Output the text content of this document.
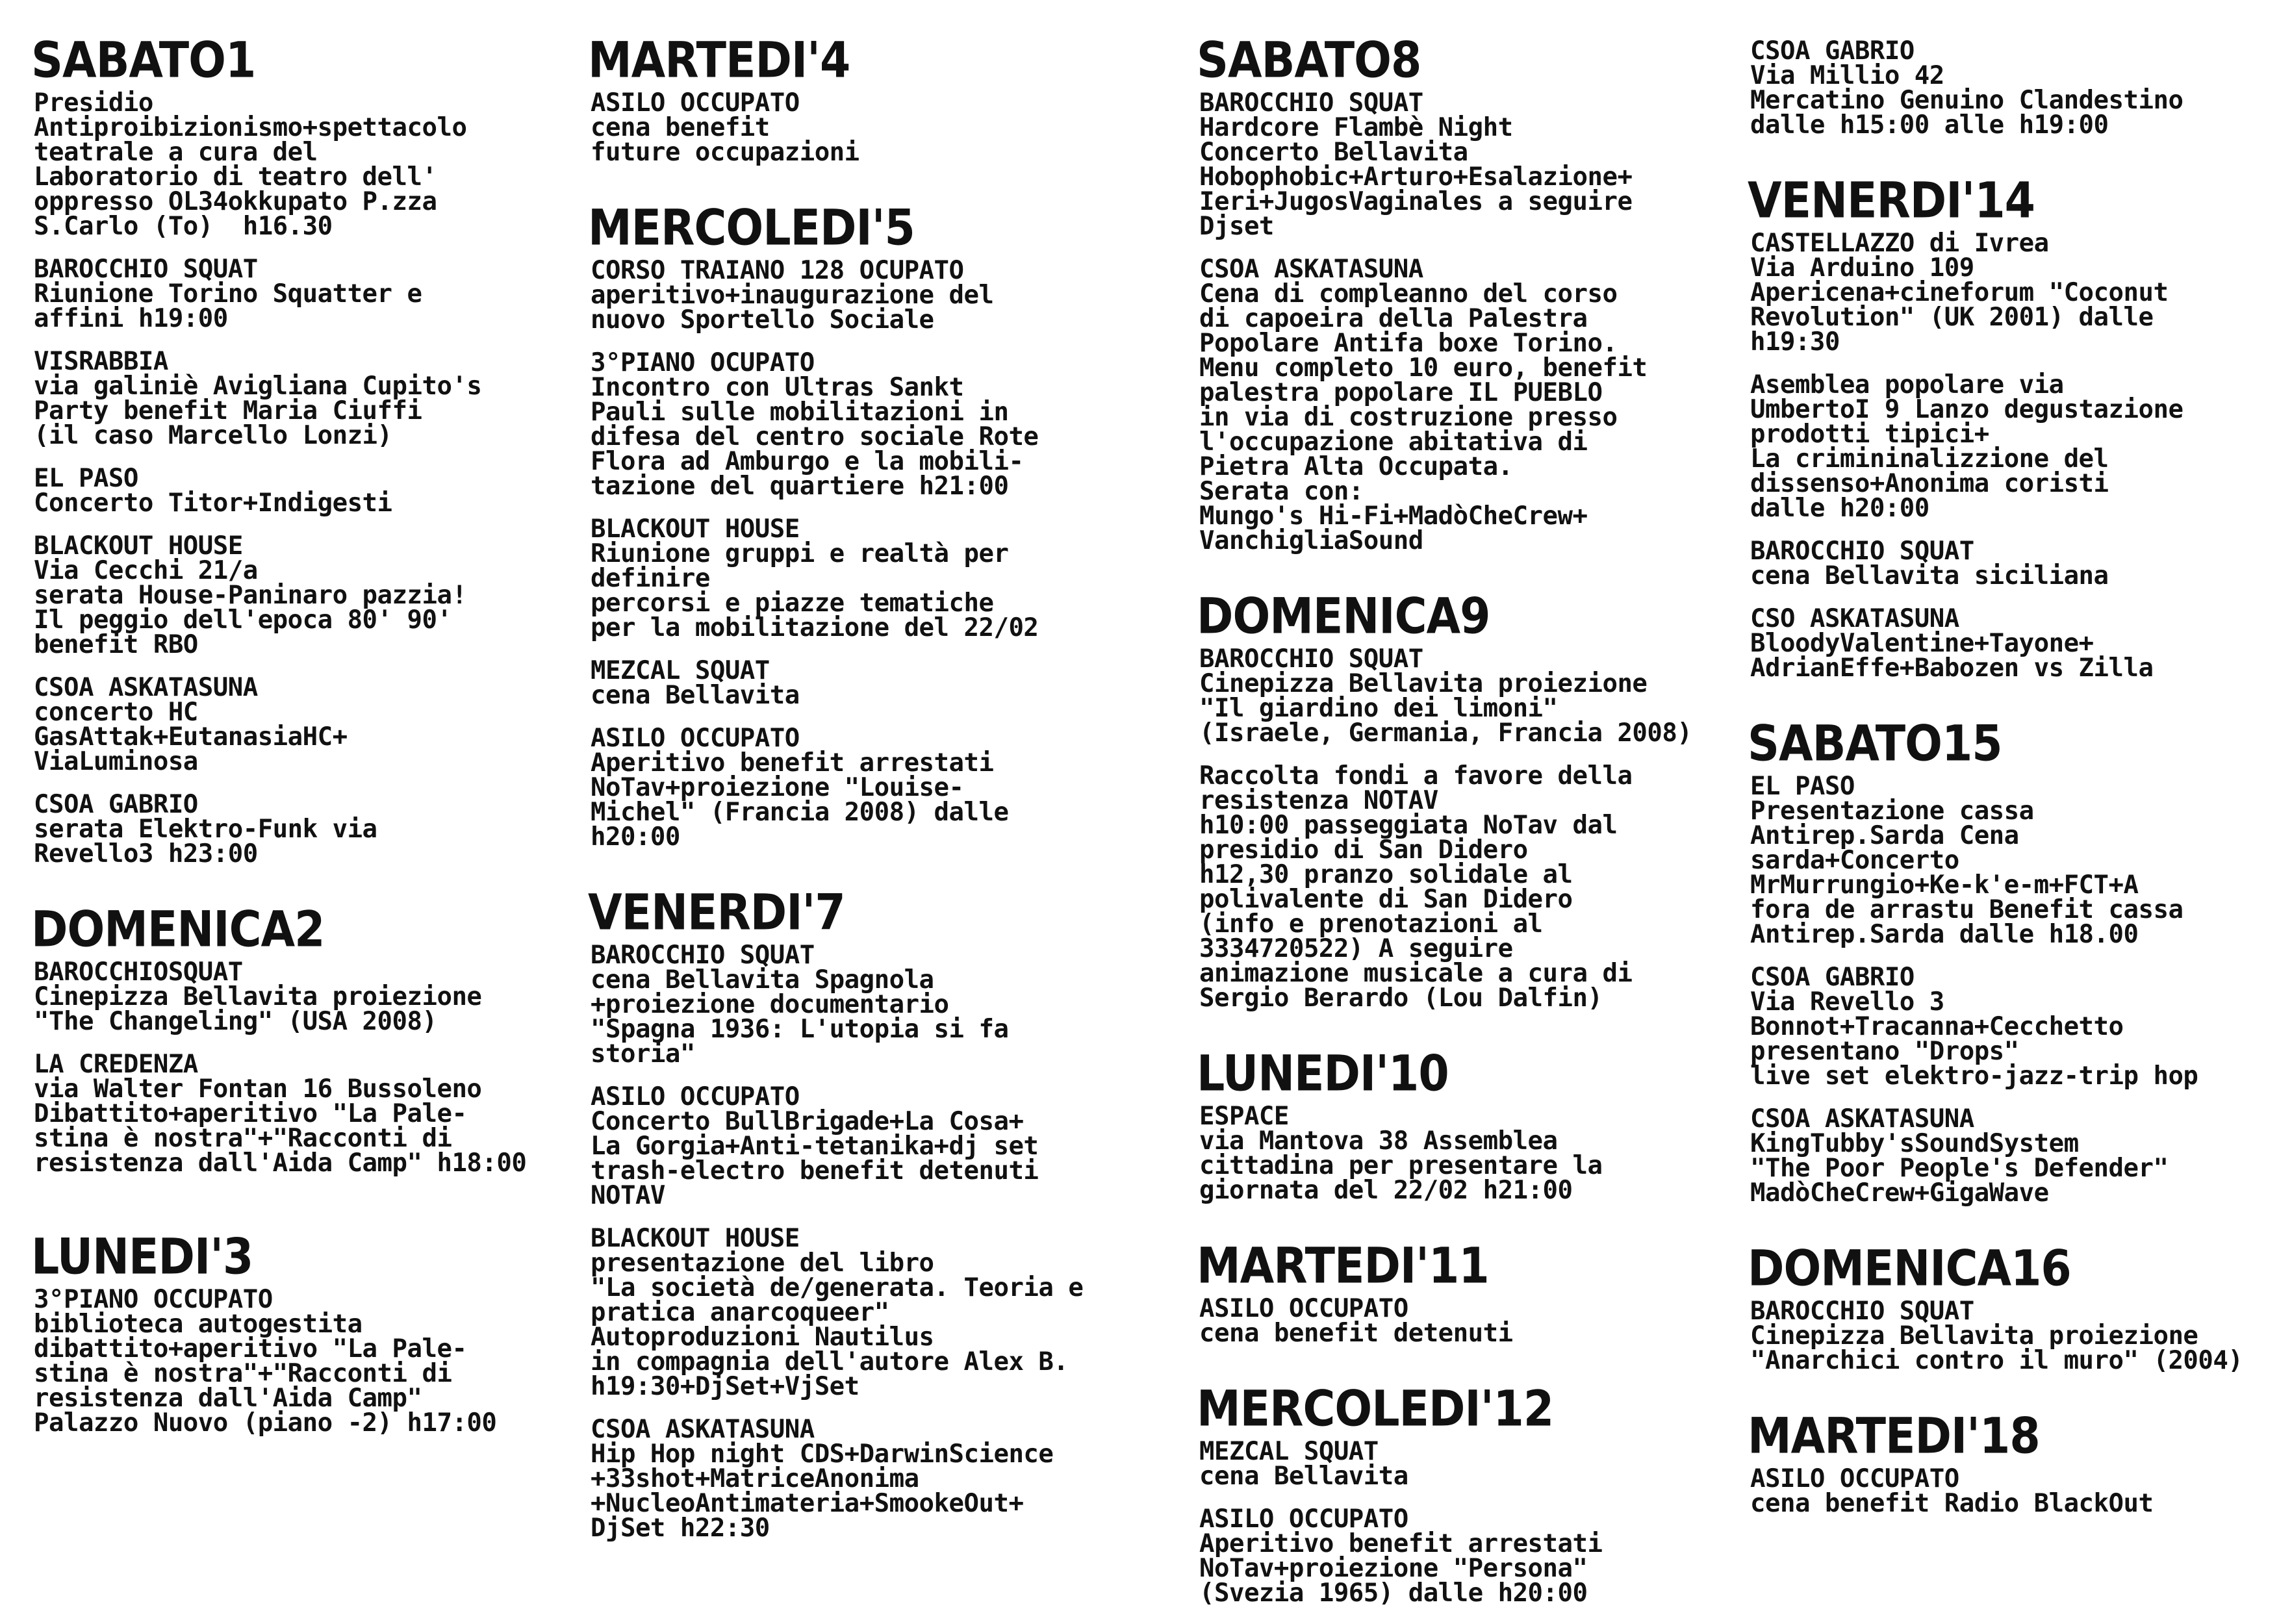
SABATO1
Presidio
Antiproibizionismo+spettacolo
teatrale a cura del
Laboratorio di teatro dell'
oppresso OL34okkupato P.zza
S.Carlo (To)  h16.30
BAROCCHIO SQUAT
Riunione Torino Squatter e
affini h19:00
VISRABBIA
via galiniè Avigliana Cupito's
Party benefit Maria Ciuffi
(il caso Marcello Lonzi)
EL PASO
Concerto Titor+Indigesti
BLACKOUT HOUSE
Via Cecchi 21/a
serata House-Paninaro pazzia!
Il peggio dell'epoca 80' 90'
benefit RBO
CSOA ASKATASUNA
concerto HC
GasAttak+EutanasiaHC+
ViaLuminosa
CSOA GABRIO
serata Elektro-Funk via
Revello3 h23:00
DOMENICA2
BAROCCHIOSQUAT
Cinepizza Bellavita proiezione
"The Changeling" (USA 2008)
LA CREDENZA
via Walter Fontan 16 Bussoleno
Dibattito+aperitivo "La Pale-
stina è nostra"+"Racconti di
resistenza dall'Aida Camp" h18:00
LUNEDI'3
3°PIANO OCCUPATO
biblioteca autogestita
dibattito+aperitivo "La Pale-
stina è nostra"+"Racconti di
resistenza dall'Aida Camp"
Palazzo Nuovo (piano -2) h17:00
MARTEDI'4
ASILO OCCUPATO
cena benefit
future occupazioni
MERCOLEDI'5
CORSO TRAIANO 128 OCUPATO
aperitivo+inaugurazione del
nuovo Sportello Sociale
3°PIANO OCUPATO
Incontro con Ultras Sankt
Pauli sulle mobilitazioni in
difesa del centro sociale Rote
Flora ad Amburgo e la mobili-
tazione del quartiere h21:00
BLACKOUT HOUSE
Riunione gruppi e realtà per
definire
percorsi e piazze tematiche
per la mobilitazione del 22/02
MEZCAL SQUAT
cena Bellavita
ASILO OCCUPATO
Aperitivo benefit arrestati
NoTav+proiezione "Louise-
Michel" (Francia 2008) dalle
h20:00
VENERDI'7
BAROCCHIO SQUAT
cena Bellavita Spagnola
+proiezione documentario
"Spagna 1936: L'utopia si fa
storia"
ASILO OCCUPATO
Concerto BullBrigade+La Cosa+
La Gorgia+Anti-tetanika+dj set
trash-electro benefit detenuti
NOTAV
BLACKOUT HOUSE
presentazione del libro
"La società de/generata. Teoria e
pratica anarcoqueer"
Autoproduzioni Nautilus
in compagnia dell'autore Alex B.
h19:30+DjSet+VjSet
CSOA ASKATASUNA
Hip Hop night CDS+DarwinScience
+33shot+MatriceAnonima
+NucleoAntimateria+SmookeOut+
DjSet h22:30
SABATO8
BAROCCHIO SQUAT
Hardcore Flambè Night
Concerto Bellavita
Hobophobic+Arturo+Esalazione+
Ieri+JugosVaginales a seguire
Djset
CSOA ASKATASUNA
Cena di compleanno del corso
di capoeira della Palestra
Popolare Antifa boxe Torino.
Menu completo 10 euro, benefit
palestra popolare IL PUEBLO
in via di costruzione presso
l'occupazione abitativa di
Pietra Alta Occupata.
Serata con:
Mungo's Hi-Fi+MadòCheCrew+
VanchigliaSound
DOMENICA9
BAROCCHIO SQUAT
Cinepizza Bellavita proiezione
"Il giardino dei limoni"
(Israele, Germania, Francia 2008)
Raccolta fondi a favore della
resistenza NOTAV
h10:00 passeggiata NoTav dal
presidio di San Didero
h12,30 pranzo solidale al
polivalente di San Didero
(info e prenotazioni al
3334720522) A seguire
animazione musicale a cura di
Sergio Berardo (Lou Dalfin)
LUNEDI'10
ESPACE
via Mantova 38 Assemblea
cittadina per presentare la
giornata del 22/02 h21:00
MARTEDI'11
ASILO OCCUPATO
cena benefit detenuti
MERCOLEDI'12
MEZCAL SQUAT
cena Bellavita
ASILO OCCUPATO
Aperitivo benefit arrestati
NoTav+proiezione "Persona"
(Svezia 1965) dalle h20:00
CSOA GABRIO
Via Millio 42
Mercatino Genuino Clandestino
dalle h15:00 alle h19:00
VENERDI'14
CASTELLAZZO di Ivrea
Via Arduino 109
Apericena+cineforum "Coconut
Revolution" (UK 2001) dalle
h19:30
Asemblea popolare via
UmbertoI 9 Lanzo degustazione
prodotti tipici+
La crimininalizzione del
dissenso+Anonima coristi
dalle h20:00
BAROCCHIO SQUAT
cena Bellavita siciliana
CSO ASKATASUNA
BloodyValentine+Tayone+
AdrianEffe+Babozen vs Zilla
SABATO15
EL PASO
Presentazione cassa
Antirep.Sarda Cena
sarda+Concerto
MrMurrungio+Ke-k'e-m+FCT+A
fora de arrastu Benefit cassa
Antirep.Sarda dalle h18.00
CSOA GABRIO
Via Revello 3
Bonnot+Tracanna+Cecchetto
presentano "Drops"
live set elektro-jazz-trip hop
CSOA ASKATASUNA
KingTubby'sSoundSystem
"The Poor People's Defender"
MadòCheCrew+GigaWave
DOMENICA16
BAROCCHIO SQUAT
Cinepizza Bellavita proiezione
"Anarchici contro il muro" (2004)
MARTEDI'18
ASILO OCCUPATO
cena benefit Radio BlackOut
